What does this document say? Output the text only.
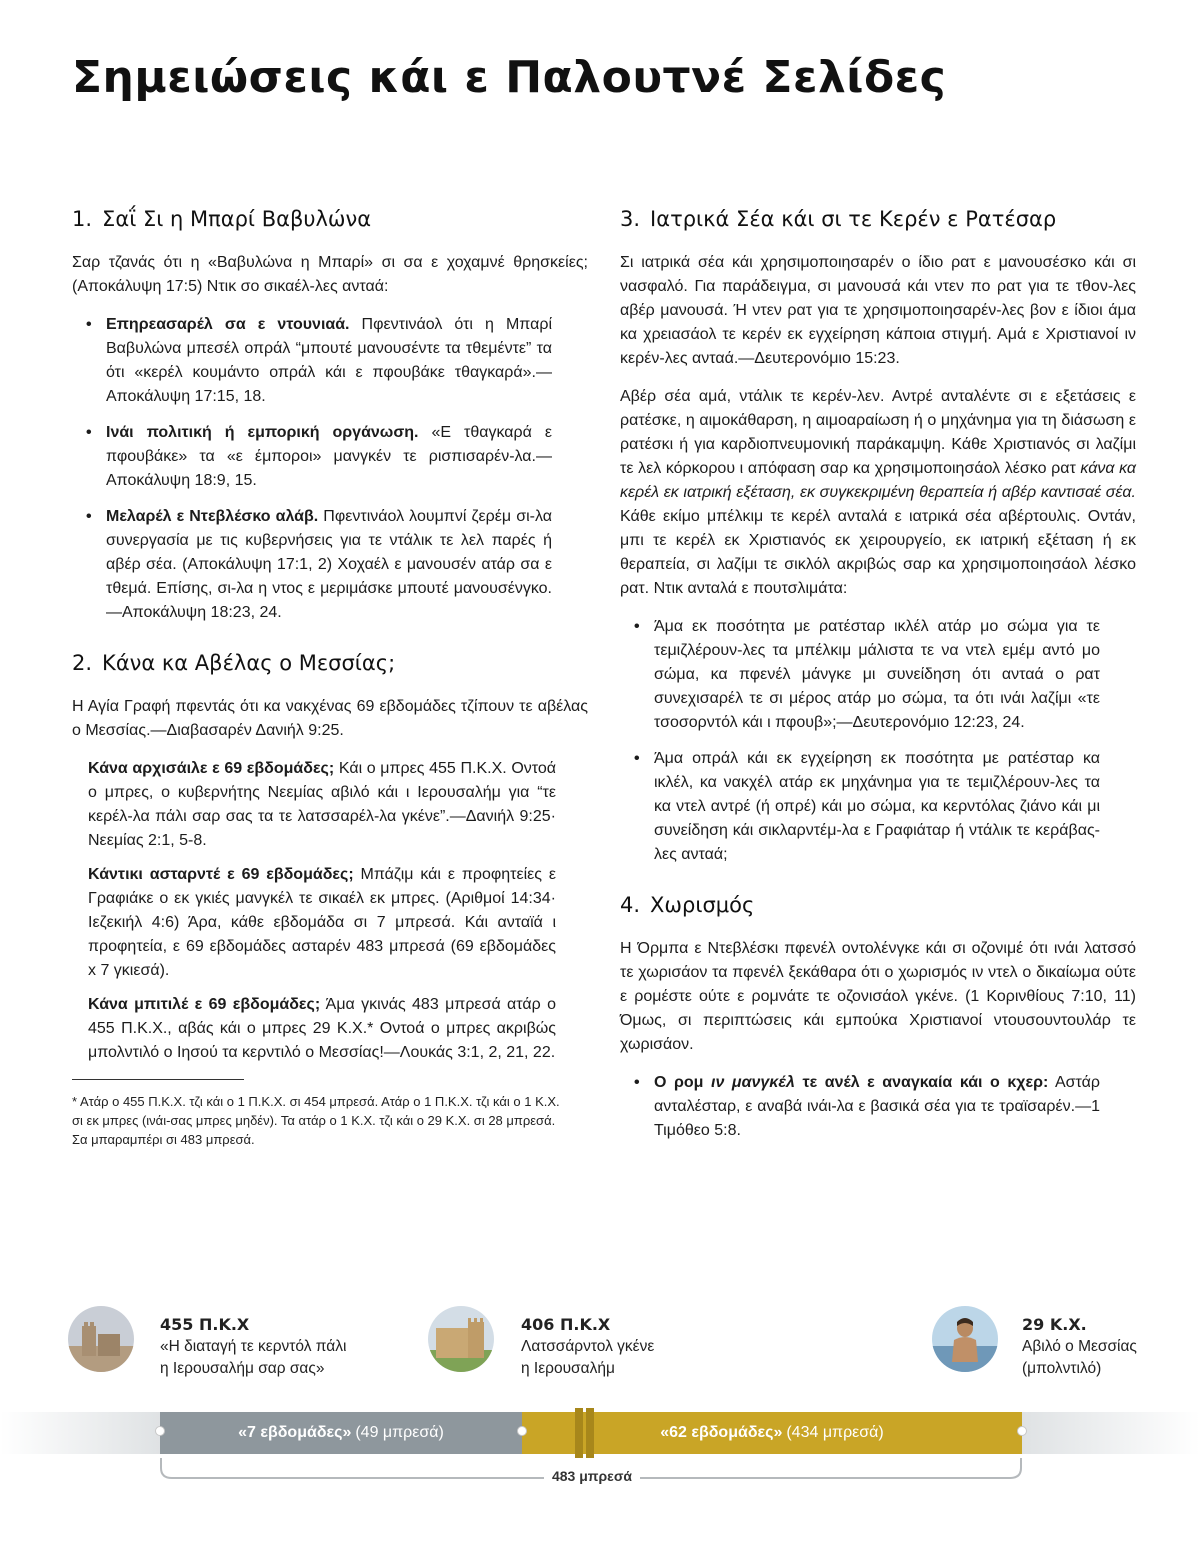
Σημειώσεις κάι ε Παλουτνέ Σελίδες
1. Σαΐ Σι η Μπαρί Βαβυλώνα

Σαρ τζανάς ότι η «Βαβυλώνα η Μπαρί» σι σα ε χοχαμνέ θρησκείες; (Αποκάλυψη 17:5) Ντικ σο σικαέλ-λες ανταά:

• Επηρεασαρέλ σα ε ντουνιαά. Πφεντινάολ ότι η Μπαρί Βαβυλώνα μπεσέλ οπράλ “μπουτέ μανουσέντε τα τθεμέντε” τα ότι «κερέλ κουμάντο οπράλ κάι ε πφουβάκε τθαγκαρά».—Αποκάλυψη 17:15, 18.
• Ινάι πολιτική ή εμπορική οργάνωση. «Ε τθαγκαρά ε πφουβάκε» τα «ε έμποροι» μανγκέν τε ρισπισαρέν-λα.—Αποκάλυψη 18:9, 15.
• Μελαρέλ ε Ντεβλέσκο αλάβ. Πφεντινάολ λουμπνί ζερέμ σι-λα συνεργασία με τις κυβερνήσεις για τε ντάλικ τε λελ παρές ή αβέρ σέα. (Αποκάλυψη 17:1, 2) Χοχαέλ ε μανουσέν ατάρ σα ε τθεμά. Επίσης, σι-λα η ντος ε μεριμάσκε μπουτέ μανουσένγκο.—Αποκάλυψη 18:23, 24.
2. Κάνα κα Αβέλας ο Μεσσίας;

Η Αγία Γραφή πφεντάς ότι κα νακχένας 69 εβδομάδες τζίπουν τε αβέλας ο Μεσσίας.—Διαβασαρέν Δανιήλ 9:25.

Κάνα αρχισάιλε ε 69 εβδομάδες; Κάι ο μπρες 455 Π.Κ.Χ. Οντοά ο μπρες, ο κυβερνήτης Νεεμίας αβιλό κάι ι Ιερουσαλήμ για “τε κερέλ-λα πάλι σαρ σας τα τε λατσσαρέλ-λα γκένε”.—Δανιήλ 9:25· Νεεμίας 2:1, 5-8.
Κάντικι ασταρντέ ε 69 εβδομάδες; Μπάζιμ κάι ε προφητείες ε Γραφιάκε ο εκ γκιές μανγκέλ τε σικαέλ εκ μπρες. (Αριθμοί 14:34· Ιεζεκιήλ 4:6) Άρα, κάθε εβδομάδα σι 7 μπρεσά. Κάι ανταϊά ι προφητεία, ε 69 εβδομάδες ασταρέν 483 μπρεσά (69 εβδομάδες x 7 γκιεσά).
Κάνα μπιτιλέ ε 69 εβδομάδες; Άμα γκινάς 483 μπρεσά ατάρ ο 455 Π.Κ.Χ., αβάς κάι ο μπρες 29 Κ.Χ.* Οντοά ο μπρες ακριβώς μπολντιλό ο Ιησού τα κερντιλό ο Μεσσίας!—Λουκάς 3:1, 2, 21, 22.

* Ατάρ ο 455 Π.Κ.Χ. τζι κάι ο 1 Π.Κ.Χ. σι 454 μπρεσά. Ατάρ ο 1 Π.Κ.Χ. τζι κάι ο 1 Κ.Χ. σι εκ μπρες (ινάι-σας μπρες μηδέν). Τα ατάρ ο 1 Κ.Χ. τζι κάι ο 29 Κ.Χ. σι 28 μπρεσά. Σα μπαραμπέρι σι 483 μπρεσά.

3. Ιατρικά Σέα κάι σι τε Κερέν ε Ρατέσαρ

Σι ιατρικά σέα κάι χρησιμοποιησαρέν ο ίδιο ρατ ε μανουσέσκο κάι σι νασφαλό. Για παράδειγμα, σι μανουσά κάι ντεν πο ρατ για τε τθον-λες αβέρ μανουσά. Ή ντεν ρατ για τε χρησιμοποιησαρέν-λες βον ε ίδιοι άμα κα χρειασάολ τε κερέν εκ εγχείρηση κάποια στιγμή. Αμά ε Χριστιανοί ιν κερέν-λες ανταά.—Δευτερονόμιο 15:23.

Αβέρ σέα αμά, ντάλικ τε κερέν-λεν. Αντρέ ανταλέντε σι ε εξετάσεις ε ρατέσκε, η αιμοκάθαρση, η αιμοαραίωση ή ο μηχάνημα για τη διάσωση ε ρατέσκι ή για καρδιοπνευμονική παράκαμψη. Κάθε Χριστιανός σι λαζίμι τε λελ κόρκορου ι απόφαση σαρ κα χρησιμοποιησάολ λέσκο ρατ κάνα κα κερέλ εκ ιατρική εξέταση, εκ συγκεκριμένη θεραπεία ή αβέρ καντισαέ σέα. Κάθε εκίμο μπέλκιμ τε κερέλ ανταλά ε ιατρικά σέα αβέρτουλις. Οντάν, μπι τε κερέλ εκ Χριστιανός εκ χειρουργείο, εκ ιατρική εξέταση ή εκ θεραπεία, σι λαζίμι τε σικλόλ ακριβώς σαρ κα χρησιμοποιησάολ λέσκο ρατ. Ντικ ανταλά ε πουτσλιμάτα:

• Άμα εκ ποσότητα με ρατέσταρ ικλέλ ατάρ μο σώμα για τε τεμιζλέρουν-λες τα μπέλκιμ μάλιστα τε να ντελ εμέμ αντό μο σώμα, κα πφενέλ μάνγκε μι συνείδηση ότι ανταά ο ρατ συνεχισαρέλ τε σι μέρος ατάρ μο σώμα, τα ότι ινάι λαζίμι «τε τσοσορντόλ κάι ι πφουβ»;—Δευτερονόμιο 12:23, 24.
• Άμα οπράλ κάι εκ εγχείρηση εκ ποσότητα με ρατέσταρ κα ικλέλ, κα νακχέλ ατάρ εκ μηχάνημα για τε τεμιζλέρουν-λες τα κα ντελ αντρέ (ή οπρέ) κάι μο σώμα, κα κερντόλας ζιάνο κάι μι συνείδηση κάι σικλαρντέμ-λα ε Γραφιάταρ ή ντάλικ τε κεράβας-λες ανταά;
4. Χωρισμός

Η Όρμπα ε Ντεβλέσκι πφενέλ οντολένγκε κάι σι οζονιμέ ότι ινάι λατσσό τε χωρισάον τα πφενέλ ξεκάθαρα ότι ο χωρισμός ιν ντελ ο δικαίωμα ούτε ε ρομέστε ούτε ε ρομνάτε τε οζονισάολ γκένε. (1 Κορινθίους 7:10, 11) Όμως, σι περιπτώσεις κάι εμπούκα Χριστιανοί ντουσουντουλάρ τε χωρισάον.

• Ο ρομ ιν μανγκέλ τε ανέλ ε αναγκαία κάι ο κχερ: Αστάρ ανταλέσταρ, ε αναβά ινάι-λα ε βασικά σέα για τε τραϊσαρέν.—1 Τιμόθεο 5:8.
455 Π.Κ.Χ
«Η διαταγή τε κερντόλ πάλι
η Ιερουσαλήμ σαρ σας»
406 Π.Κ.Χ
Λατσσάρντολ γκένε
η Ιερουσαλήμ
29 Κ.Χ.
Αβιλό ο Μεσσίας
(μπολντιλό)
«7 εβδομάδες» (49 μπρεσά)	«62 εβδομάδες» (434 μπρεσά)
483 μπρεσά
